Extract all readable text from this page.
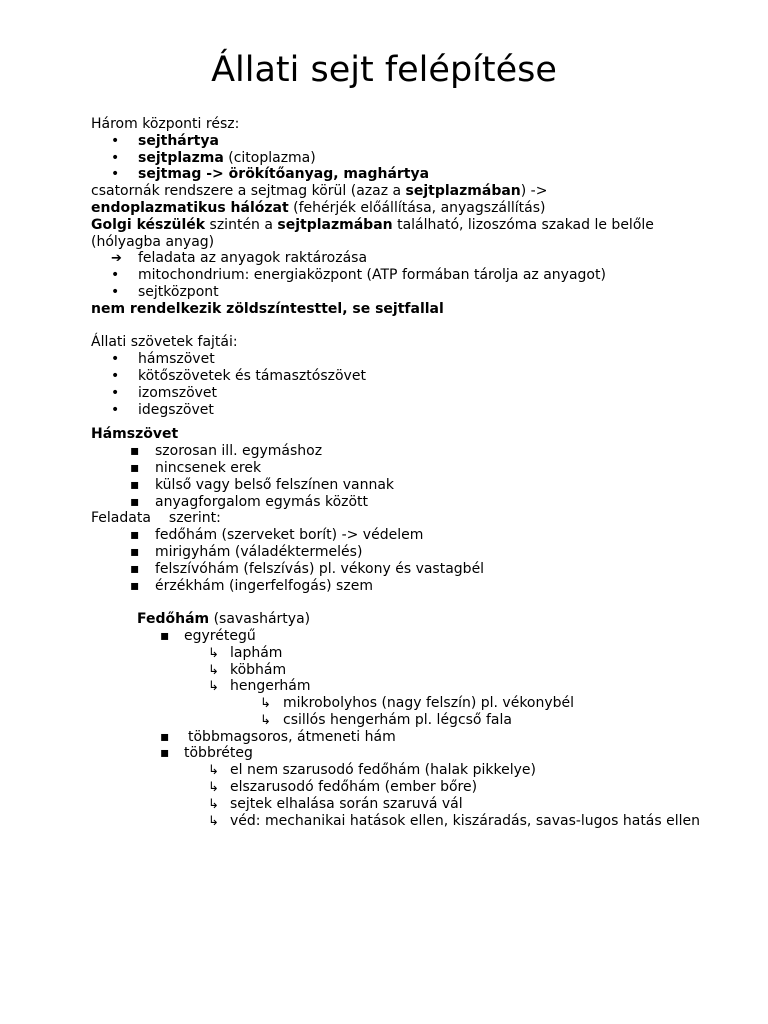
Állati sejt felépítése
Három központi rész:
•
sejthártya
•
sejtplazma (citoplazma)
•
sejtmag -> örökítőanyag, maghártya
csatornák rendszere a sejtmag körül (azaz a sejtplazmában) ->
endoplazmatikus hálózat (fehérjék előállítása, anyagszállítás)
Golgi készülék szintén a sejtplazmában található, lizoszóma szakad le belőle (hólyagba anyag)
➔
feladata az anyagok raktározása
•
mitochondrium: energiaközpont (ATP formában tárolja az anyagot)
•
sejtközpont
nem rendelkezik zöldszíntesttel, se sejtfallal
Állati szövetek fajtái:
•
hámszövet
•
kötőszövetek és támasztószövet
•
izomszövet
•
idegszövet
Hámszövet
▪
szorosan ill. egymáshoz
▪
nincsenek erek
▪
külső vagy belső felszínen vannak
▪
anyagforgalom egymás között
Feladata szerint:
▪
fedőhám (szerveket borít) -> védelem
▪
mirigyhám (váladéktermelés)
▪
felszívóhám (felszívás) pl. vékony és vastagbél
▪
érzékhám (ingerfelfogás) szem
Fedőhám (savashártya)
▪
egyrétegű
↳
laphám
↳
köbhám
↳
hengerhám
↳
mikrobolyhos (nagy felszín) pl. vékonybél
↳
csillós hengerhám pl. légcső fala
▪
többmagsoros, átmeneti hám
▪
többréteg
↳
el nem szarusodó fedőhám (halak pikkelye)
↳
elszarusodó fedőhám (ember bőre)
↳
sejtek elhalása során szaruvá vál
↳
véd: mechanikai hatások ellen, kiszáradás, savas-lugos hatás ellen
